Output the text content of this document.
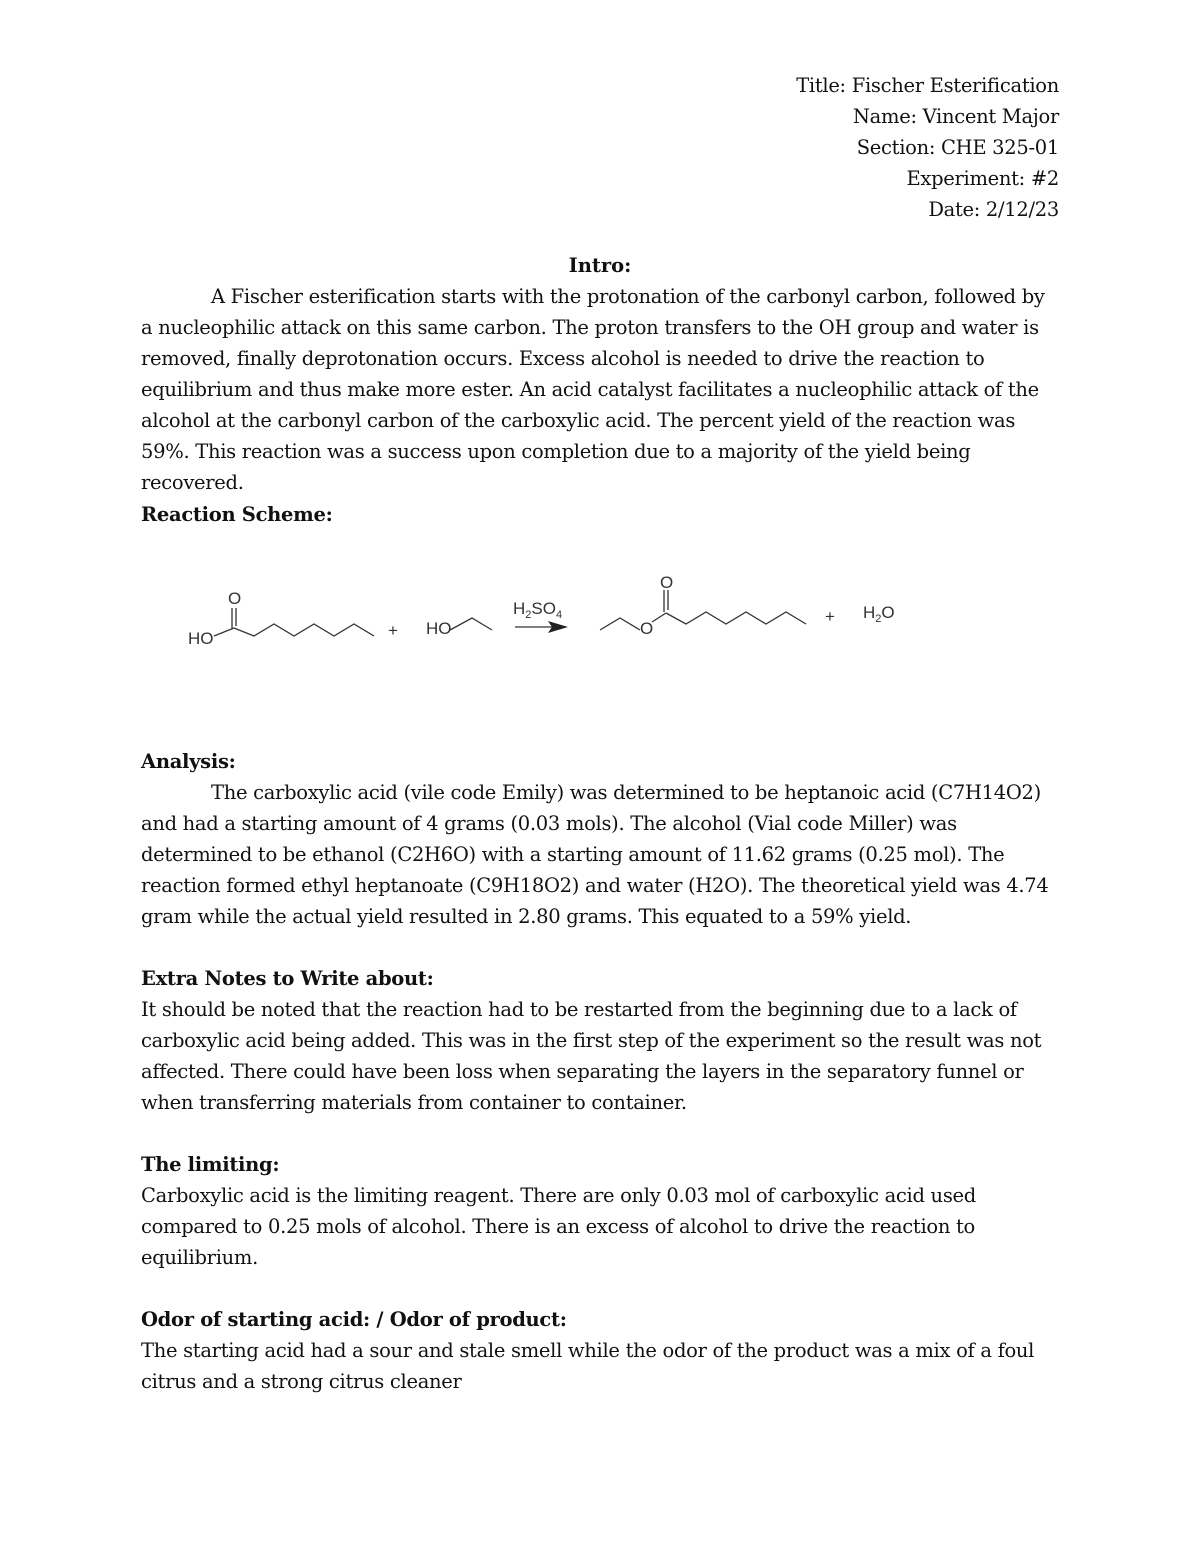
Title: Fischer Esterification
Name: Vincent Major
Section: CHE 325-01
Experiment: #2
Date: 2/12/23
Intro:

A Fischer esterification starts with the protonation of the carbonyl carbon, followed by a nucleophilic attack on this same carbon. The proton transfers to the OH group and water is removed, finally deprotonation occurs. Excess alcohol is needed to drive the reaction to equilibrium and thus make more ester. An acid catalyst facilitates a nucleophilic attack of the alcohol at the carbonyl carbon of the carboxylic acid. The percent yield of the reaction was 59%. This reaction was a success upon completion due to a majority of the yield being recovered.

Reaction Scheme:

O
HO	+ HO
$H_2SO_4$
O
O
+ $H_2O$

Analysis:

The carboxylic acid (vile code Emily) was determined to be heptanoic acid (C7H14O2) and had a starting amount of 4 grams (0.03 mols). The alcohol (Vial code Miller) was determined to be ethanol (C2H6O) with a starting amount of 11.62 grams (0.25 mol). The reaction formed ethyl heptanoate (C9H18O2) and water (H2O). The theoretical yield was 4.74 gram while the actual yield resulted in 2.80 grams. This equated to a 59% yield.

Extra Notes to Write about:

It should be noted that the reaction had to be restarted from the beginning due to a lack of carboxylic acid being added. This was in the first step of the experiment so the result was not affected. There could have been loss when separating the layers in the separatory funnel or when transferring materials from container to container.

The limiting:

Carboxylic acid is the limiting reagent. There are only 0.03 mol of carboxylic acid used compared to 0.25 mols of alcohol. There is an excess of alcohol to drive the reaction to equilibrium.

Odor of starting acid: / Odor of product:

The starting acid had a sour and stale smell while the odor of the product was a mix of a foul citrus and a strong citrus cleaner
